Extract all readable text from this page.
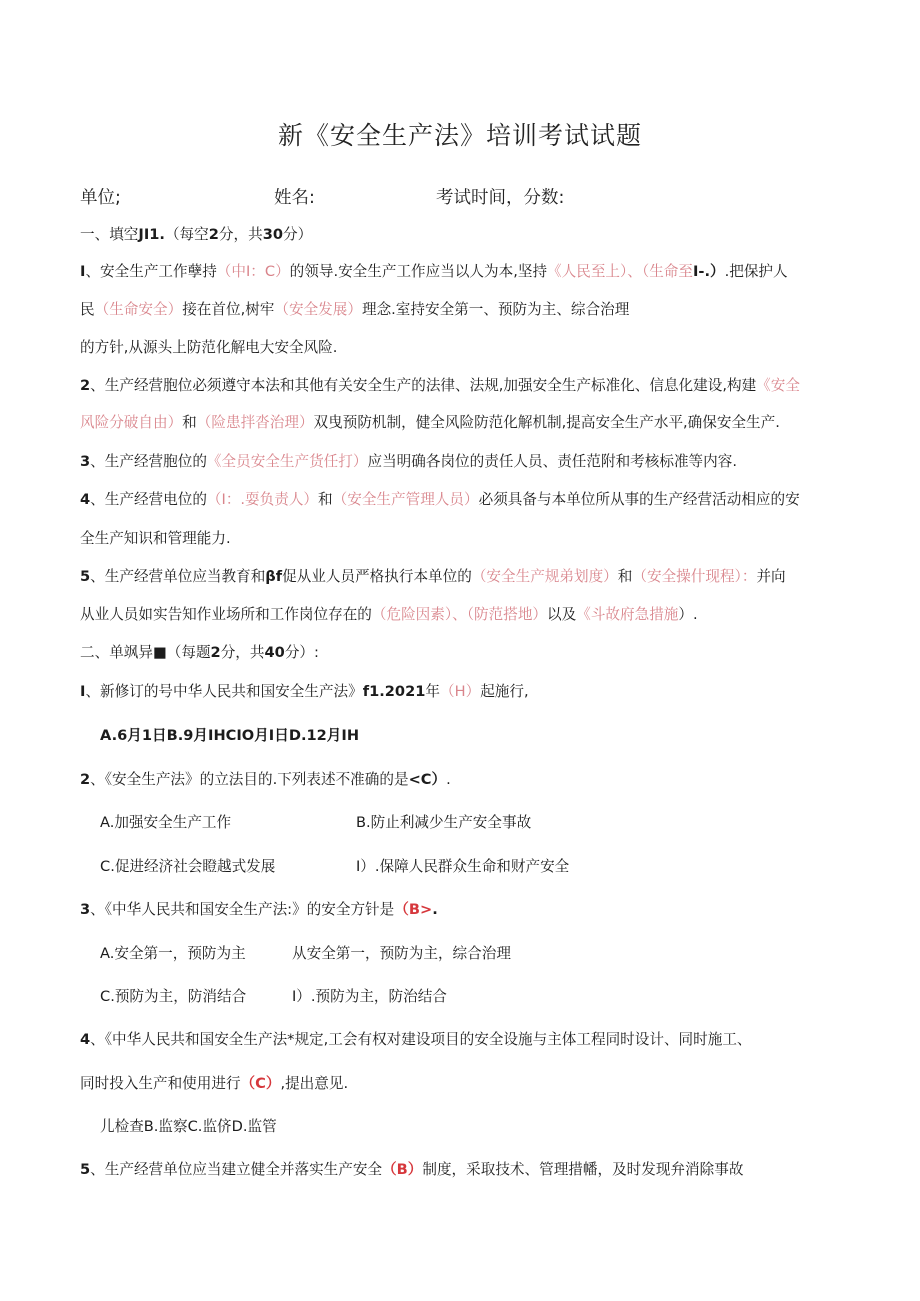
新《安全生产法》培训考试试题
单位;	姓名:	考试时间，分数:
一、填空JI1.（每空2分，共30分）
I、安全生产工作孽持（中I：C）的领导.安全生产工作应当以人为本,坚持《人民至上）、（生命至I-.）.把保护人
民（生命安全）接在首位,树牢（安全发展）理念.室持安全第一、预防为主、综合治理
的方针,从源头上防范化解电大安全风险.
2、生产经营胞位必须遵守本法和其他有关安全生产的法律、法规,加强安全生产标准化、信息化建设,构建《安全
风险分破自由）和（险患拌沓治理）双曳预防机制，健全风险防范化解机制,提高安全生产水平,确保安全生产.
3、生产经营胞位的《全员安全生产货任打）应当明确各岗位的责任人员、责任范附和考核标准等内容.
4、生产经营电位的（I：.耍负责人）和（安全生产管理人员）必须具备与本单位所从事的生产经营活动相应的安
全生产知识和管理能力.
5、生产经营单位应当教育和βf促从业人员严格执行本单位的（安全生产规弟划度）和（安全操什现程）：并向
从业人员如实告知作业场所和工作岗位存在的（危险因素）、（防范搭地）以及《斗故府急措施）.
二、单飒异■（每题2分，共40分）:
I、新修订的号中华人民共和国安全生产法》f1.2021年（H）起施行,
A.6月1日B.9月IHCIO月I日D.12月IH
2、《安全生产法》的立法目的.下列表述不准确的是<C）.
A.加强安全生产工作	B.防止利减少生产安全事故
C.促进经济社会瞪越式发展	I）.保障人民群众生命和财产安全
3、《中华人民共和国安全生产法:》的安全方针是（B>.
A.安全第一，预防为主	从安全第一，预防为主，综合治理
C.预防为主，防消结合	I）.预防为主，防治结合
4、《中华人民共和国安全生产法*规定,工会有权对建设项目的安全设施与主体工程同时设计、同时施工、
同时投入生产和使用进行（C）,提出意见.
儿检查B.监察C.监侪D.监管
5、生产经营单位应当建立健全并落实生产安全（B）制度，采取技术、管理措幡，及时发现弁消除事故
